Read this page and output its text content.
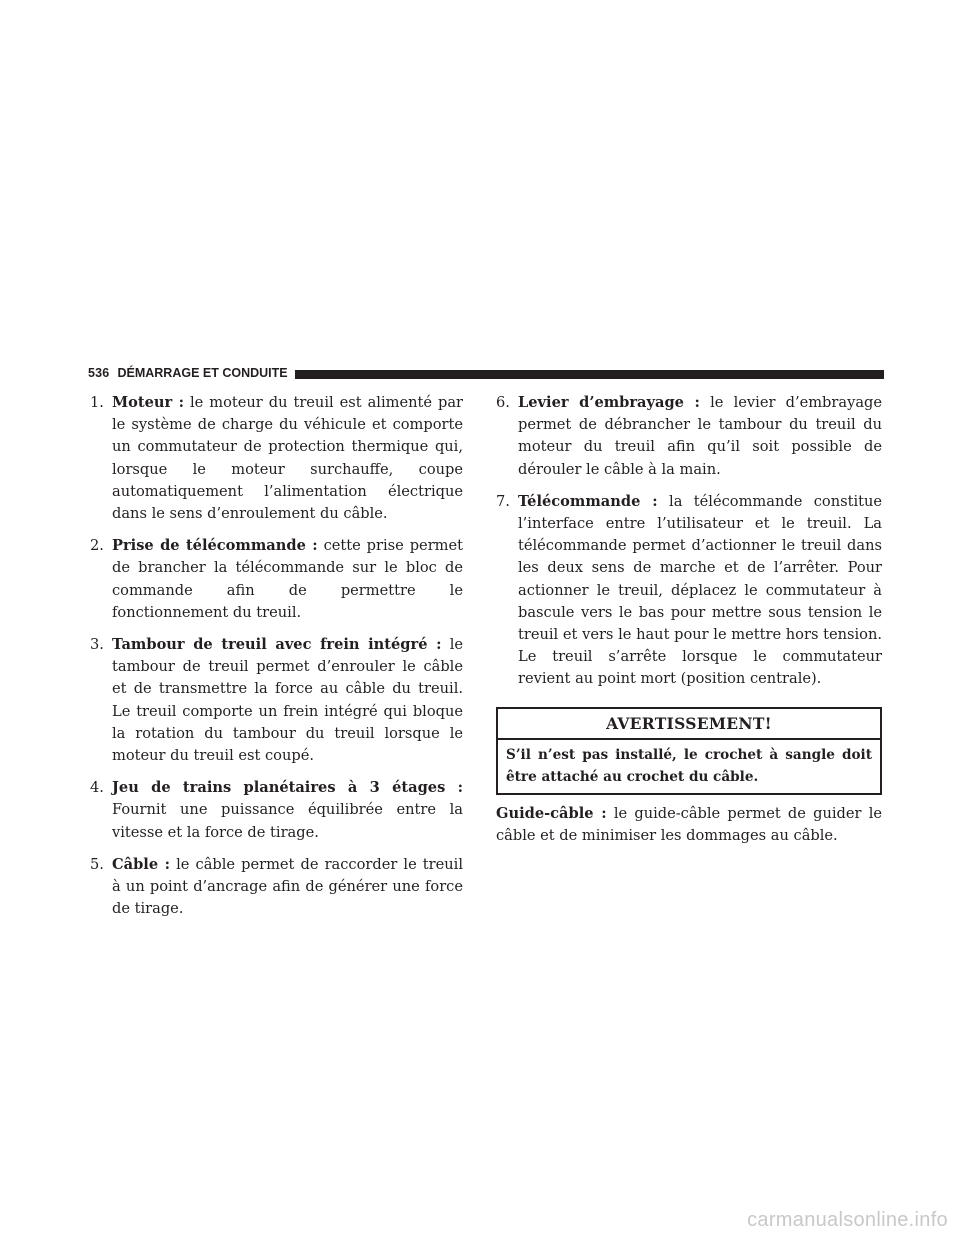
536 DÉMARRAGE ET CONDUITE

1. Moteur : le moteur du treuil est alimenté par le système de charge du véhicule et comporte un commutateur de protection thermique qui, lorsque le moteur surchauffe, coupe automatiquement l’alimentation électrique dans le sens d’enroulement du câble.

2. Prise de télécommande : cette prise permet de brancher la télécommande sur le bloc de commande afin de permettre le fonctionnement du treuil.

3. Tambour de treuil avec frein intégré : le tambour de treuil permet d’enrouler le câble et de transmettre la force au câble du treuil. Le treuil comporte un frein intégré qui bloque la rotation du tambour du treuil lorsque le moteur du treuil est coupé.

4. Jeu de trains planétaires à 3 étages : Fournit une puissance équilibrée entre la vitesse et la force de tirage.

5. Câble : le câble permet de raccorder le treuil à un point d’ancrage afin de générer une force de tirage.

6. Levier d’embrayage : le levier d’embrayage permet de débrancher le tambour du treuil du moteur du treuil afin qu’il soit possible de dérouler le câble à la main.

7. Télécommande : la télécommande constitue l’interface entre l’utilisateur et le treuil. La télécommande permet d’actionner le treuil dans les deux sens de marche et de l’arrêter. Pour actionner le treuil, déplacez le commutateur à bascule vers le bas pour mettre sous tension le treuil et vers le haut pour le mettre hors tension. Le treuil s’arrête lorsque le commutateur revient au point mort (position centrale).

AVERTISSEMENT!
S’il n’est pas installé, le crochet à sangle doit être attaché au crochet du câble.

Guide-câble : le guide-câble permet de guider le câble et de minimiser les dommages au câble.

carmanualsonline.info
